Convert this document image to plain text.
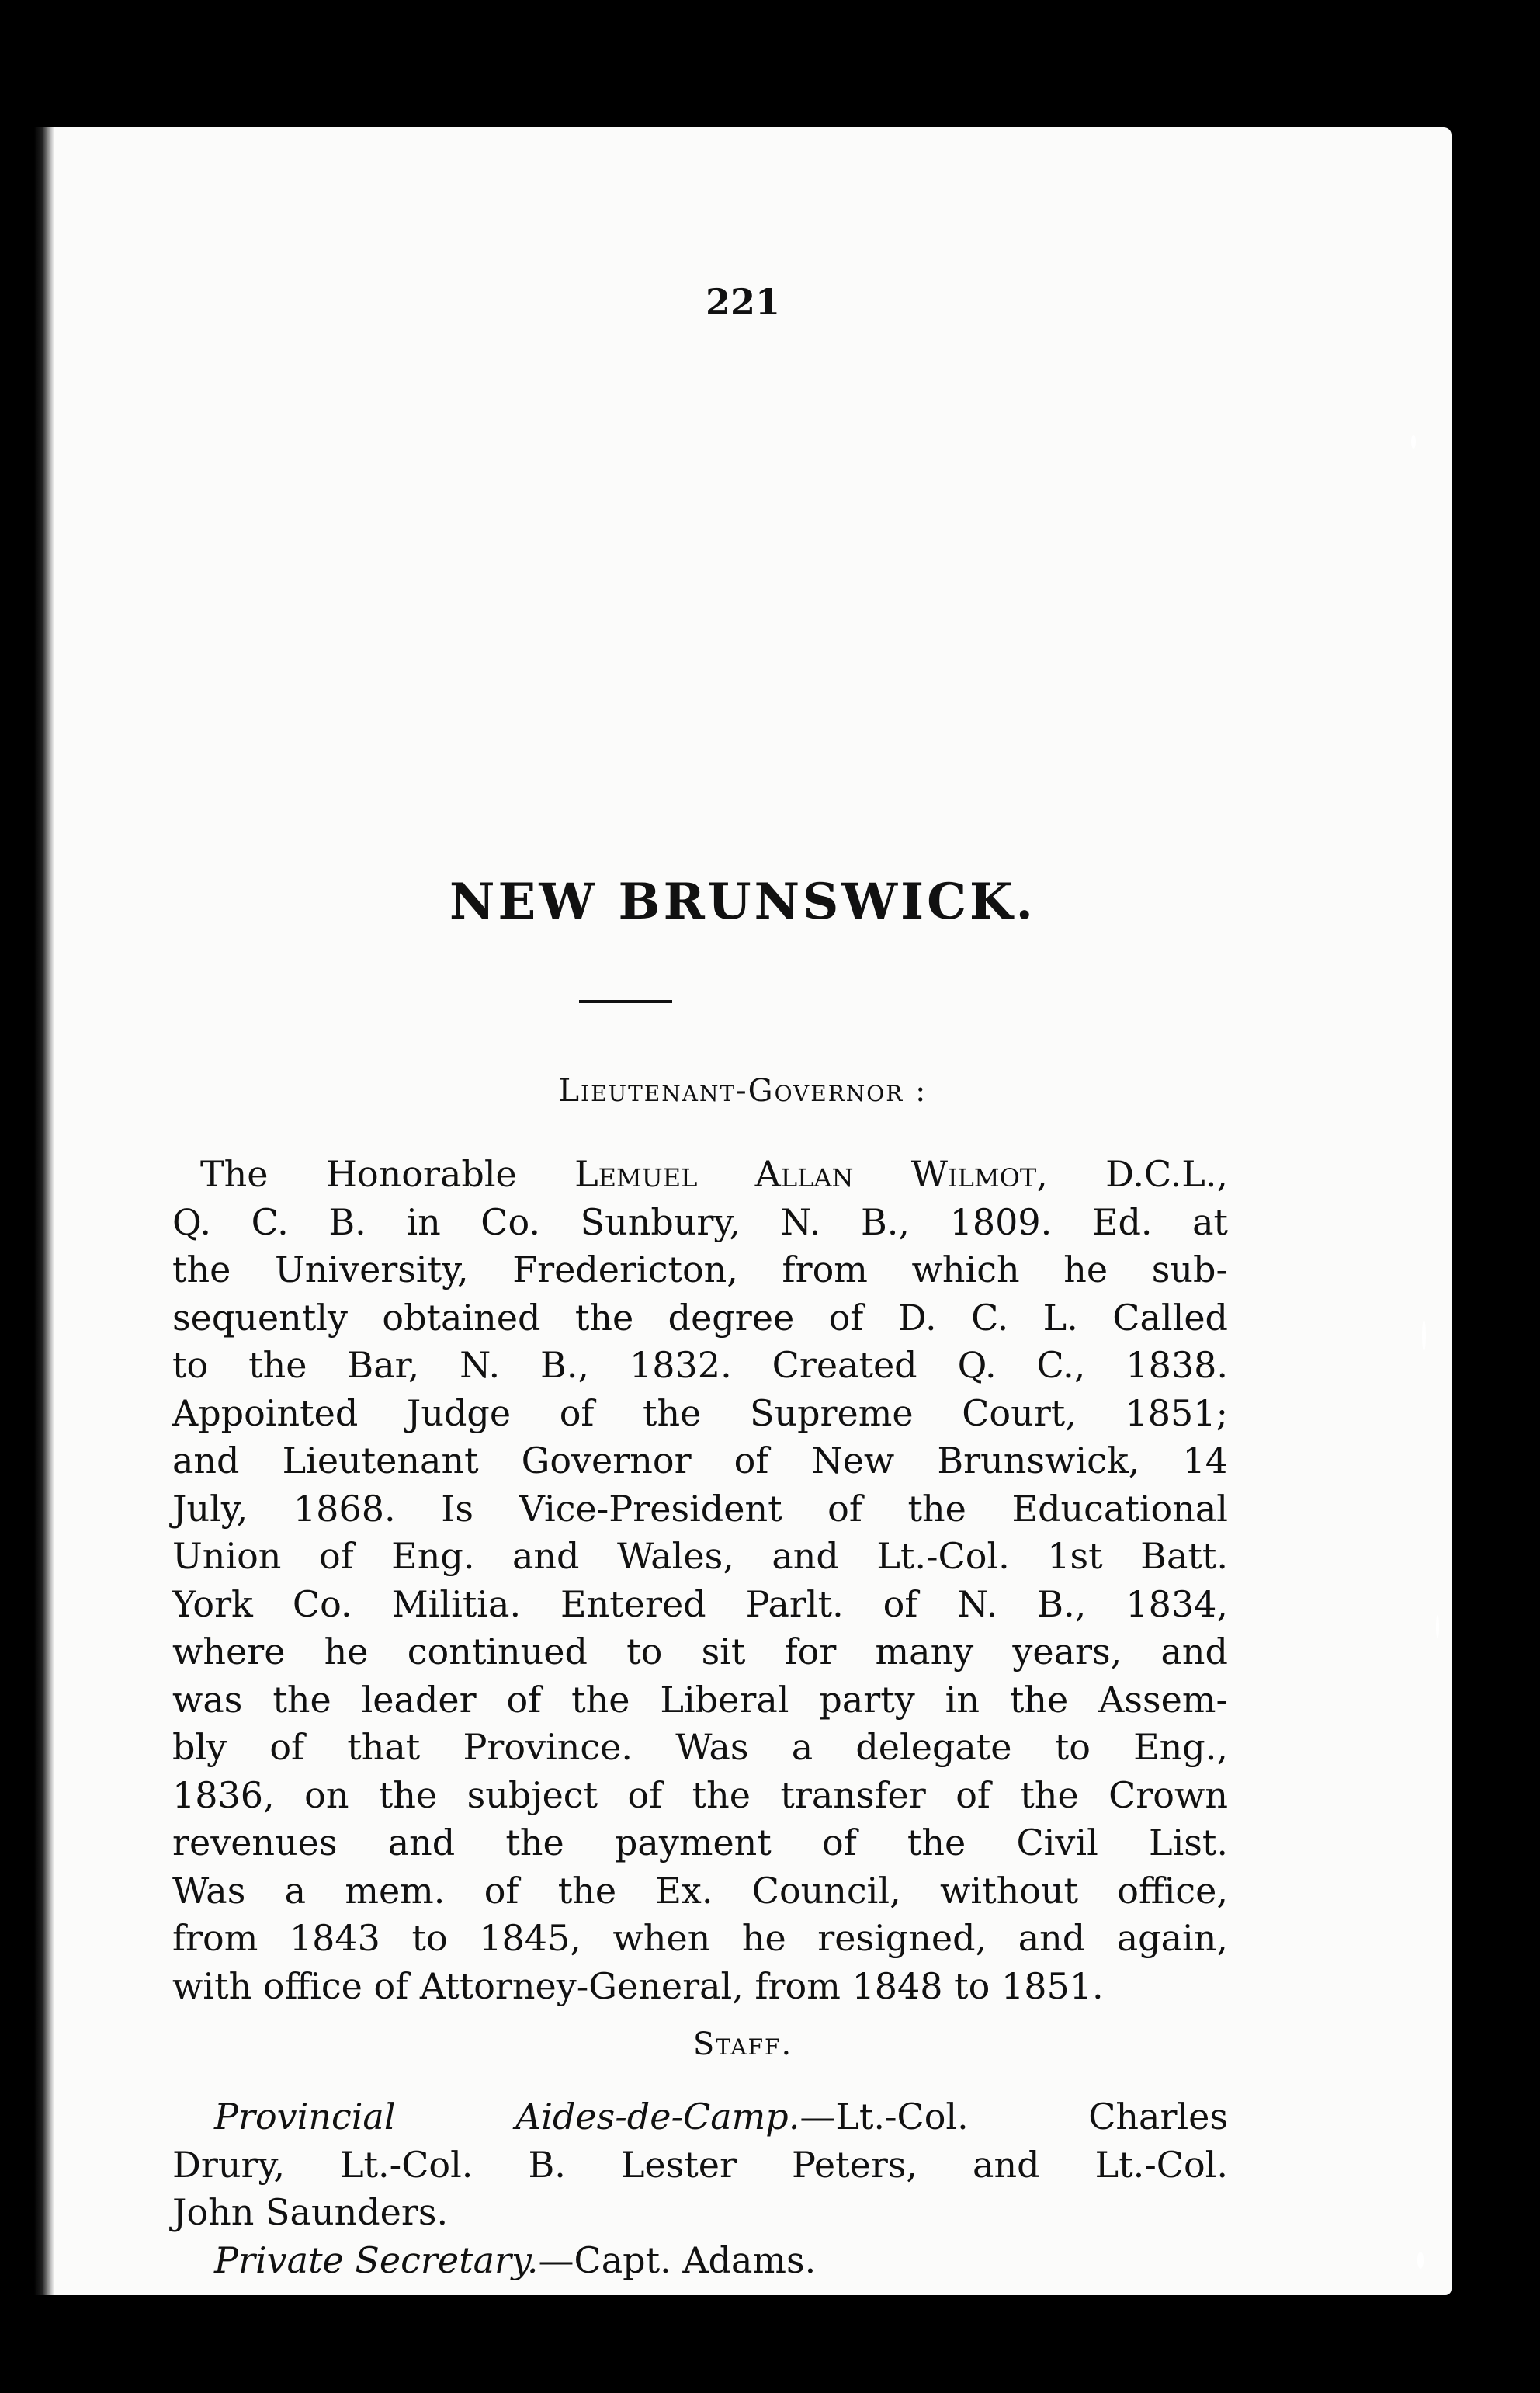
221
NEW BRUNSWICK.
Lieutenant-Governor :
The Honorable Lemuel Allan Wilmot, D.C.L.,
Q. C. B. in Co. Sunbury, N. B., 1809. Ed. at
the University, Fredericton, from which he sub-
sequently obtained the degree of D. C. L. Called
to the Bar, N. B., 1832. Created Q. C., 1838.
Appointed Judge of the Supreme Court, 1851;
and Lieutenant Governor of New Brunswick, 14
July, 1868. Is Vice-President of the Educational
Union of Eng. and Wales, and Lt.-Col. 1st Batt.
York Co. Militia. Entered Parlt. of N. B., 1834,
where he continued to sit for many years, and
was the leader of the Liberal party in the Assem-
bly of that Province. Was a delegate to Eng.,
1836, on the subject of the transfer of the Crown
revenues and the payment of the Civil List.
Was a mem. of the Ex. Council, without office,
from 1843 to 1845, when he resigned, and again,
with office of Attorney-General, from 1848 to 1851.
Staff.
Provincial Aides-de-Camp.—Lt.-Col. Charles
Drury, Lt.-Col. B. Lester Peters, and Lt.-Col.
John Saunders.
Private Secretary.—Capt. Adams.
